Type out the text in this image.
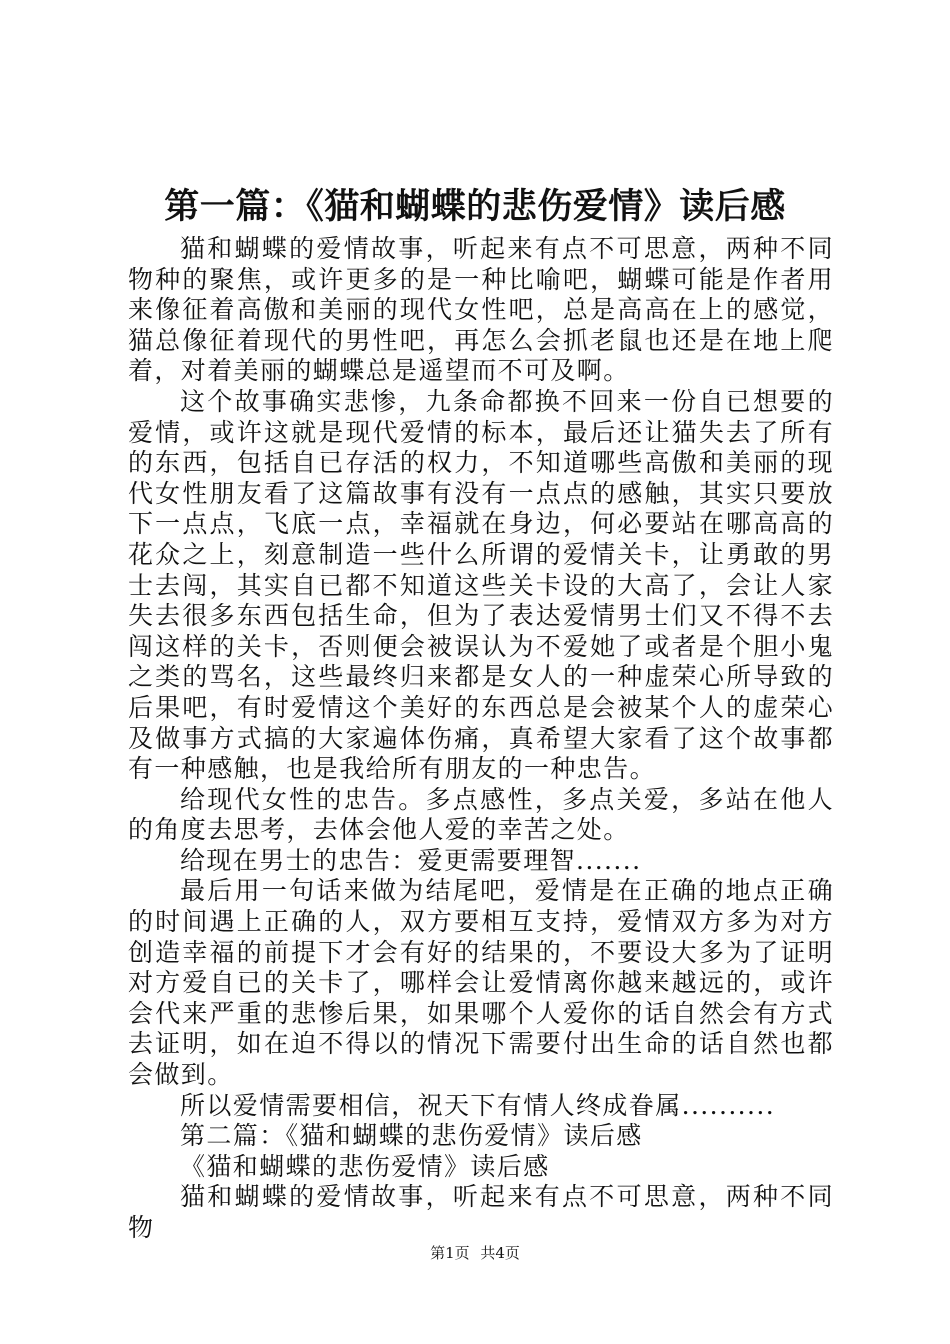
第一篇：《猫和蝴蝶的悲伤爱情》读后感

猫和蝴蝶的爱情故事，听起来有点不可思意，两种不同物种的聚焦，或许更多的是一种比喻吧，蝴蝶可能是作者用来像征着高傲和美丽的现代女性吧，总是高高在上的感觉，猫总像征着现代的男性吧，再怎么会抓老鼠也还是在地上爬着，对着美丽的蝴蝶总是遥望而不可及啊。

这个故事确实悲惨，九条命都换不回来一份自已想要的爱情，或许这就是现代爱情的标本，最后还让猫失去了所有的东西，包括自已存活的权力，不知道哪些高傲和美丽的现代女性朋友看了这篇故事有没有一点点的感触，其实只要放下一点点，飞底一点，幸福就在身边，何必要站在哪高高的花众之上，刻意制造一些什么所谓的爱情关卡，让勇敢的男士去闯，其实自已都不知道这些关卡设的大高了，会让人家失去很多东西包括生命，但为了表达爱情男士们又不得不去闯这样的关卡，否则便会被误认为不爱她了或者是个胆小鬼之类的骂名，这些最终归来都是女人的一种虚荣心所导致的后果吧，有时爱情这个美好的东西总是会被某个人的虚荣心及做事方式搞的大家遍体伤痛，真希望大家看了这个故事都有一种感触，也是我给所有朋友的一种忠告。

给现代女性的忠告。多点感性，多点关爱，多站在他人的角度去思考，去体会他人爱的幸苦之处。

给现在男士的忠告：爱更需要理智.......

最后用一句话来做为结尾吧，爱情是在正确的地点正确的时间遇上正确的人，双方要相互支持，爱情双方多为对方创造幸福的前提下才会有好的结果的，不要设大多为了证明对方爱自已的关卡了，哪样会让爱情离你越来越远的，或许会代来严重的悲惨后果，如果哪个人爱你的话自然会有方式去证明，如在迫不得以的情况下需要付出生命的话自然也都会做到。

所以爱情需要相信，祝天下有情人终成眷属..........

第二篇：《猫和蝴蝶的悲伤爱情》读后感

《猫和蝴蝶的悲伤爱情》读后感

猫和蝴蝶的爱情故事，听起来有点不可思意，两种不同物

第1页 共4页
